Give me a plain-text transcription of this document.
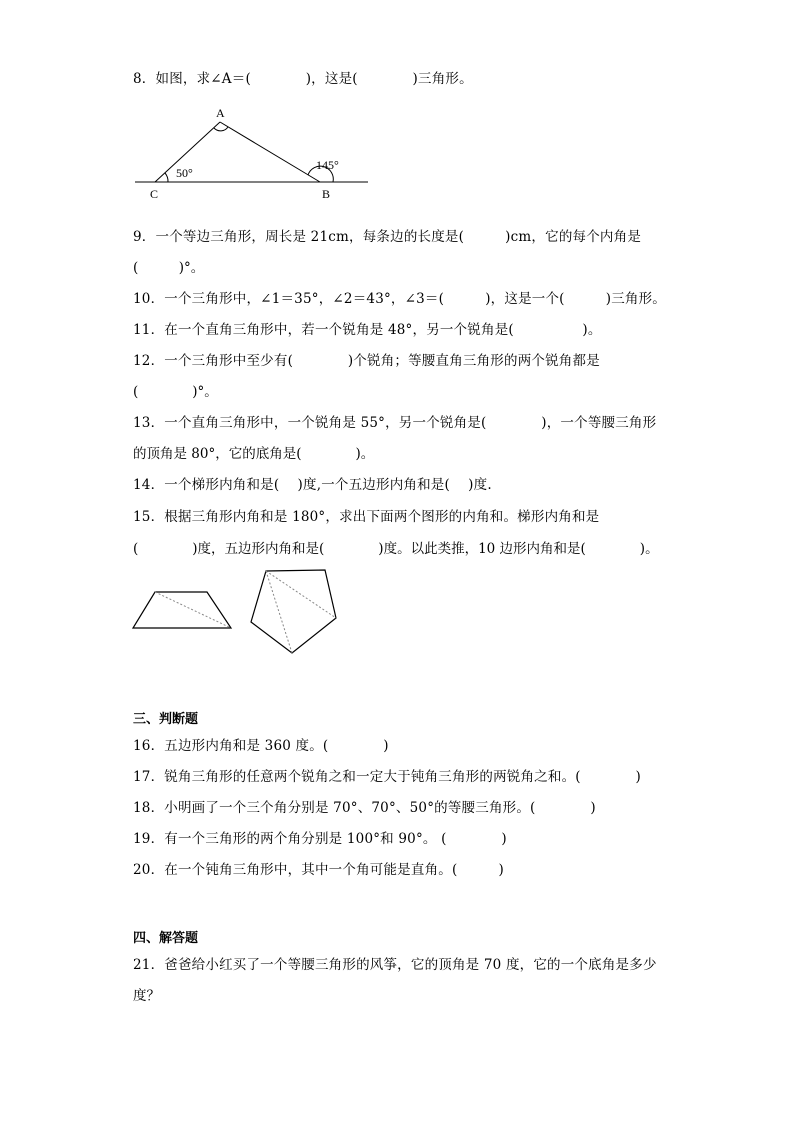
8．如图，求∠A＝(　　　　)，这是(　　　　)三角形。
A
B
C
50°
145°
9．一个等边三角形，周长是 21cm，每条边的长度是(　　　)cm，它的每个内角是
(　　　)°。
10．一个三角形中，∠1＝35°，∠2＝43°，∠3＝(　　　)，这是一个(　　　)三角形。
11．在一个直角三角形中，若一个锐角是 48°，另一个锐角是(　　　　　)。
12．一个三角形中至少有(　　　　)个锐角；等腰直角三角形的两个锐角都是
(　　　　)°。
13．一个直角三角形中，一个锐角是 55°，另一个锐角是(　　　　)，一个等腰三角形
的顶角是 80°，它的底角是(　　　　)。
14．一个梯形内角和是(　 )度,一个五边形内角和是(　 )度.
15．根据三角形内角和是 180°，求出下面两个图形的内角和。梯形内角和是
(　　　　)度，五边形内角和是(　　　　)度。以此类推，10 边形内角和是(　　　　)。
三、判断题
16．五边形内角和是 360 度。(　　　　)
17．锐角三角形的任意两个锐角之和一定大于钝角三角形的两锐角之和。(　　　　)
18．小明画了一个三个角分别是 70°、70°、50°的等腰三角形。(　　　　)
19．有一个三角形的两个角分别是 100°和 90°。 (　　　　)
20．在一个钝角三角形中，其中一个角可能是直角。(　　　)
四、解答题
21．爸爸给小红买了一个等腰三角形的风筝，它的顶角是 70 度，它的一个底角是多少
度？
